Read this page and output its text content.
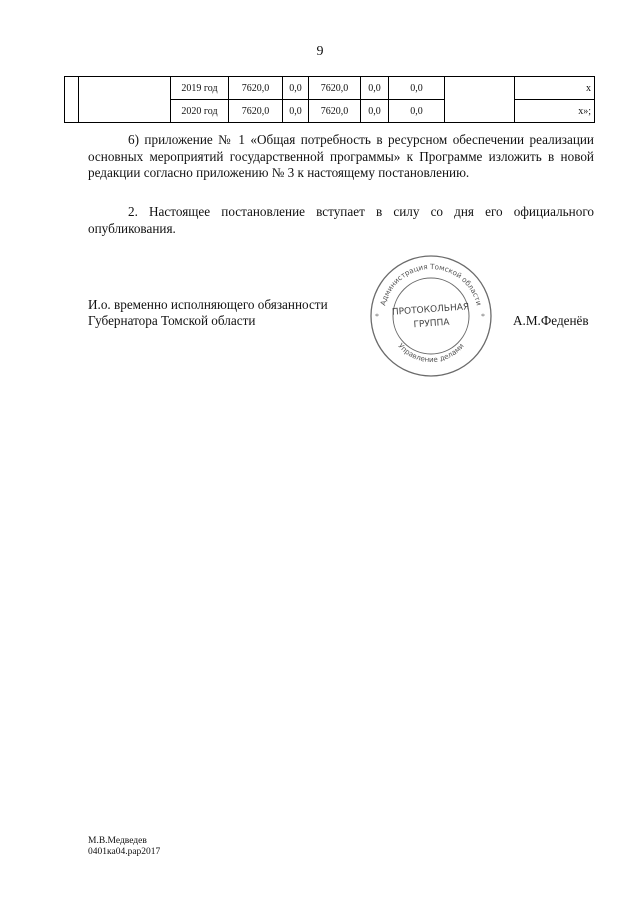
9
		2019 год	7620,0	0,0	7620,0	0,0	0,0		x
		2020 год	7620,0	0,0	7620,0	0,0	0,0		x»;

6) приложение № 1 «Общая потребность в ресурсном обеспечении реализации основных мероприятий государственной программы» к Программе изложить в новой редакции согласно приложению № 3 к настоящему постановлению.

2. Настоящее постановление вступает в силу со дня его официального опубликования.

И.о. временно исполняющего обязанности
Губернатора Томской области
Администрация Томской области
Управление делами
*	*
ПРОТОКОЛЬНАЯ
ГРУППА	А.М.Феденёв
М.В.Медведев
0401ка04.рар2017
